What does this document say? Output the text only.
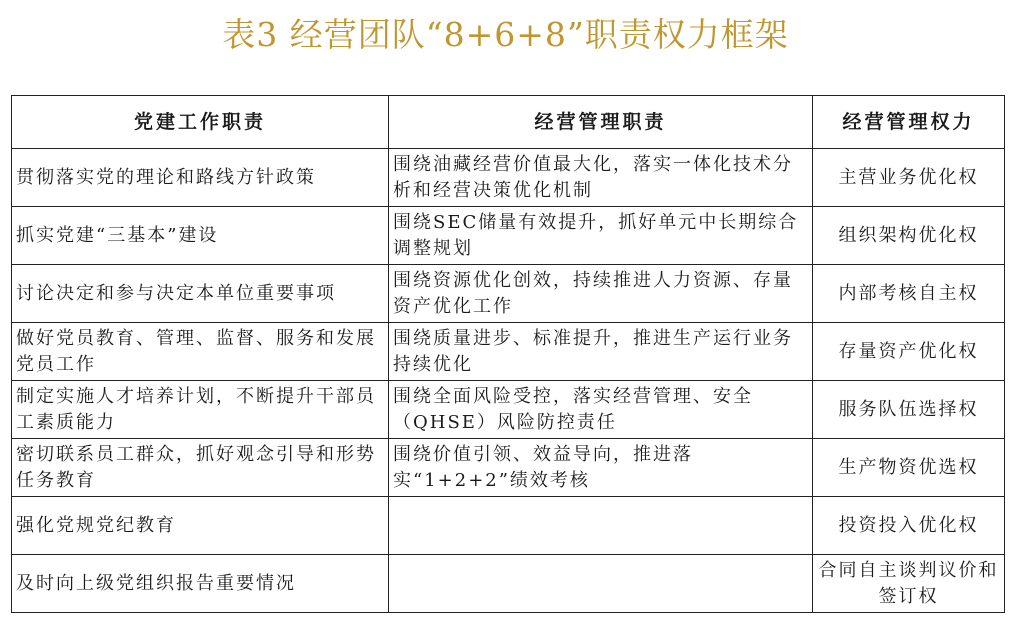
表3 经营团队“8+6+8”职责权力框架
党建工作职责	经营管理职责	经营管理权力
贯彻落实党的理论和路线方针政策	围绕油藏经营价值最大化，落实一体化技术分析和经营决策优化机制	主营业务优化权
抓实党建“三基本”建设	围绕SEC储量有效提升，抓好单元中长期综合调整规划	组织架构优化权
讨论决定和参与决定本单位重要事项	围绕资源优化创效，持续推进人力资源、存量资产优化工作	内部考核自主权
做好党员教育、管理、监督、服务和发展党员工作	围绕质量进步、标准提升，推进生产运行业务持续优化	存量资产优化权
制定实施人才培养计划，不断提升干部员工素质能力	围绕全面风险受控，落实经营管理、安全（QHSE）风险防控责任	服务队伍选择权
密切联系员工群众，抓好观念引导和形势任务教育	围绕价值引领、效益导向，推进落实“1+2+2”绩效考核	生产物资优选权
强化党规党纪教育		投资投入优化权
及时向上级党组织报告重要情况		合同自主谈判议价和签订权
